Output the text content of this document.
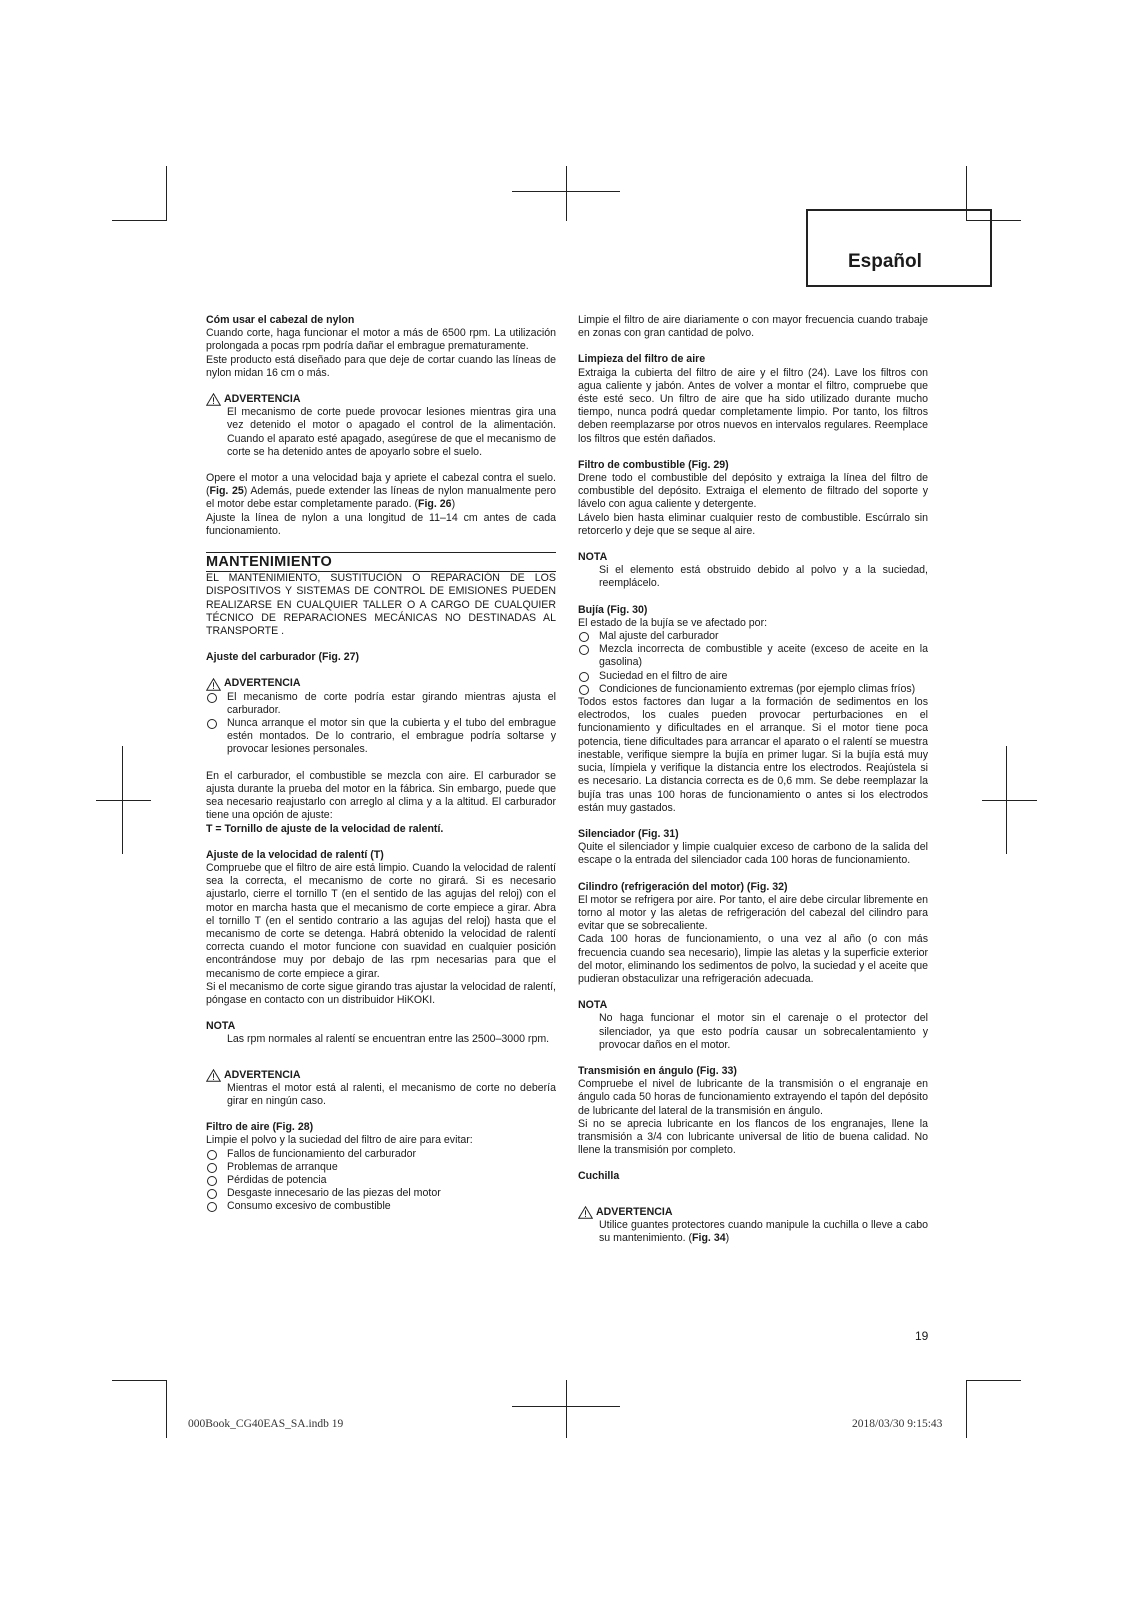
Español

Cóm usar el cabezal de nylon

Cuando corte, haga funcionar el motor a más de 6500 rpm. La utilización prolongada a pocas rpm podría dañar el embrague prematuramente.

Este producto está diseñado para que deje de cortar cuando las líneas de nylon midan 16 cm o más.

ADVERTENCIA

El mecanismo de corte puede provocar lesiones mientras gira una vez detenido el motor o apagado el control de la alimentación. Cuando el aparato esté apagado, asegúrese de que el mecanismo de corte se ha detenido antes de apoyarlo sobre el suelo.

Opere el motor a una velocidad baja y apriete el cabezal contra el suelo. (Fig. 25) Además, puede extender las líneas de nylon manualmente pero el motor debe estar completamente parado. (Fig. 26)

Ajuste la línea de nylon a una longitud de 11–14 cm antes de cada funcionamiento.

MANTENIMIENTO

EL MANTENIMIENTO, SUSTITUCIÓN O REPARACIÓN DE LOS DISPOSITIVOS Y SISTEMAS DE CONTROL DE EMISIONES PUEDEN REALIZARSE EN CUALQUIER TALLER O A CARGO DE CUALQUIER TÉCNICO DE REPARACIONES MECÁNICAS NO DESTINADAS AL TRANSPORTE .

Ajuste del carburador (Fig. 27)

ADVERTENCIA

El mecanismo de corte podría estar girando mientras ajusta el carburador.
Nunca arranque el motor sin que la cubierta y el tubo del embrague estén montados. De lo contrario, el embrague podría soltarse y provocar lesiones personales.

En el carburador, el combustible se mezcla con aire. El carburador se ajusta durante la prueba del motor en la fábrica. Sin embargo, puede que sea necesario reajustarlo con arreglo al clima y a la altitud. El carburador tiene una opción de ajuste:

T = Tornillo de ajuste de la velocidad de ralentí.

Ajuste de la velocidad de ralentí (T)

Compruebe que el filtro de aire está limpio. Cuando la velocidad de ralentí sea la correcta, el mecanismo de corte no girará. Si es necesario ajustarlo, cierre el tornillo T (en el sentido de las agujas del reloj) con el motor en marcha hasta que el mecanismo de corte empiece a girar. Abra el tornillo T (en el sentido contrario a las agujas del reloj) hasta que el mecanismo de corte se detenga. Habrá obtenido la velocidad de ralentí correcta cuando el motor funcione con suavidad en cualquier posición encontrándose muy por debajo de las rpm necesarias para que el mecanismo de corte empiece a girar.

Si el mecanismo de corte sigue girando tras ajustar la velocidad de ralentí, póngase en contacto con un distribuidor HiKOKI.

NOTA

Las rpm normales al ralentí se encuentran entre las 2500–3000 rpm.

ADVERTENCIA

Mientras el motor está al ralenti, el mecanismo de corte no debería girar en ningún caso.

Filtro de aire (Fig. 28)

Limpie el polvo y la suciedad del filtro de aire para evitar:

Fallos de funcionamiento del carburador
Problemas de arranque
Pérdidas de potencia
Desgaste innecesario de las piezas del motor
Consumo excesivo de combustible

Limpie el filtro de aire diariamente o con mayor frecuencia cuando trabaje en zonas con gran cantidad de polvo.

Limpieza del filtro de aire

Extraiga la cubierta del filtro de aire y el filtro (24). Lave los filtros con agua caliente y jabón. Antes de volver a montar el filtro, compruebe que éste esté seco. Un filtro de aire que ha sido utilizado durante mucho tiempo, nunca podrá quedar completamente limpio. Por tanto, los filtros deben reemplazarse por otros nuevos en intervalos regulares. Reemplace los filtros que estén dañados.

Filtro de combustible (Fig. 29)

Drene todo el combustible del depósito y extraiga la línea del filtro de combustible del depósito. Extraiga el elemento de filtrado del soporte y lávelo con agua caliente y detergente.

Lávelo bien hasta eliminar cualquier resto de combustible. Escúrralo sin retorcerlo y deje que se seque al aire.

NOTA

Si el elemento está obstruido debido al polvo y a la suciedad, reemplácelo.

Bujía (Fig. 30)

El estado de la bujía se ve afectado por:

Mal ajuste del carburador
Mezcla incorrecta de combustible y aceite (exceso de aceite en la gasolina)
Suciedad en el filtro de aire
Condiciones de funcionamiento extremas (por ejemplo climas fríos)

Todos estos factores dan lugar a la formación de sedimentos en los electrodos, los cuales pueden provocar perturbaciones en el funcionamiento y dificultades en el arranque. Si el motor tiene poca potencia, tiene dificultades para arrancar el aparato o el ralentí se muestra inestable, verifique siempre la bujía en primer lugar. Si la bujía está muy sucia, límpiela y verifique la distancia entre los electrodos. Reajústela si es necesario. La distancia correcta es de 0,6 mm. Se debe reemplazar la bujía tras unas 100 horas de funcionamiento o antes si los electrodos están muy gastados.

Silenciador (Fig. 31)

Quite el silenciador y limpie cualquier exceso de carbono de la salida del escape o la entrada del silenciador cada 100 horas de funcionamiento.

Cilindro (refrigeración del motor) (Fig. 32)

El motor se refrigera por aire. Por tanto, el aire debe circular libremente en torno al motor y las aletas de refrigeración del cabezal del cilindro para evitar que se sobrecaliente.

Cada 100 horas de funcionamiento, o una vez al año (o con más frecuencia cuando sea necesario), limpie las aletas y la superficie exterior del motor, eliminando los sedimentos de polvo, la suciedad y el aceite que pudieran obstaculizar una refrigeración adecuada.

NOTA

No haga funcionar el motor sin el carenaje o el protector del silenciador, ya que esto podría causar un sobrecalentamiento y provocar daños en el motor.

Transmisión en ángulo (Fig. 33)

Compruebe el nivel de lubricante de la transmisión o el engranaje en ángulo cada 50 horas de funcionamiento extrayendo el tapón del depósito de lubricante del lateral de la transmisión en ángulo.

Si no se aprecia lubricante en los flancos de los engranajes, llene la transmisión a 3/4 con lubricante universal de litio de buena calidad. No llene la transmisión por completo.

Cuchilla

ADVERTENCIA

Utilice guantes protectores cuando manipule la cuchilla o lleve a cabo su mantenimiento. (Fig. 34)

19
000Book_CG40EAS_SA.indb 19	2018/03/30 9:15:43
